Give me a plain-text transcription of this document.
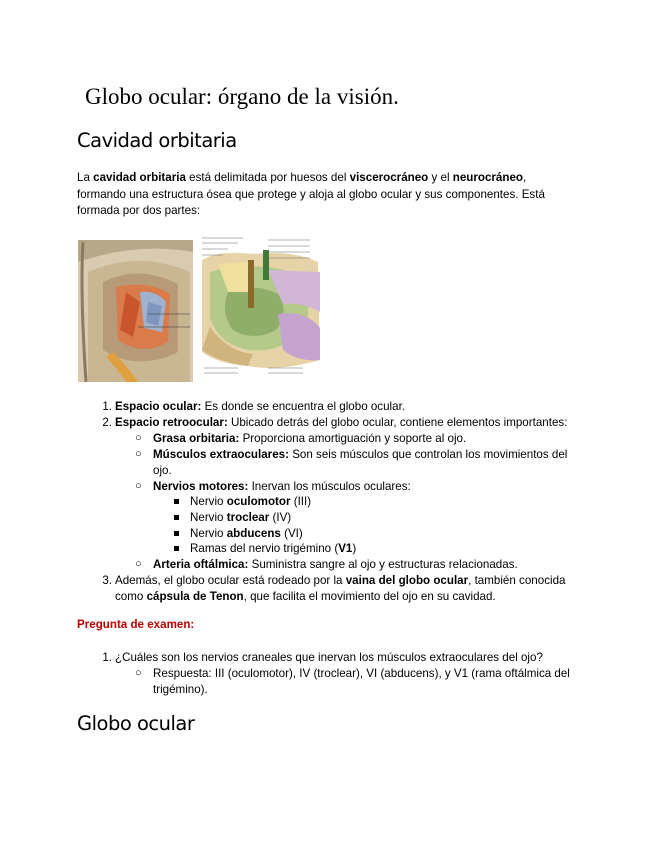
Globo ocular: órgano de la visión.
Cavidad orbitaria
La cavidad orbitaria está delimitada por huesos del viscerocráneo y el neurocráneo,
formando una estructura ósea que protege y aloja al globo ocular y sus componentes. Está
formada por dos partes:
1. Espacio ocular: Es donde se encuentra el globo ocular.
2. Espacio retroocular: Ubicado detrás del globo ocular, contiene elementos importantes:
○ Grasa orbitaria: Proporciona amortiguación y soporte al ojo.
○ Músculos extraoculares: Son seis músculos que controlan los movimientos del
ojo.
○ Nervios motores: Inervan los músculos oculares:
Nervio oculomotor (III)
Nervio troclear (IV)
Nervio abducens (VI)
Ramas del nervio trigémino (V1)
○ Arteria oftálmica: Suministra sangre al ojo y estructuras relacionadas.
3. Además, el globo ocular está rodeado por la vaina del globo ocular, también conocida
como cápsula de Tenon, que facilita el movimiento del ojo en su cavidad.
Pregunta de examen:
1. ¿Cuáles son los nervios craneales que inervan los músculos extraoculares del ojo?
○ Respuesta: III (oculomotor), IV (troclear), VI (abducens), y V1 (rama oftálmica del
trigémino).
Globo ocular
